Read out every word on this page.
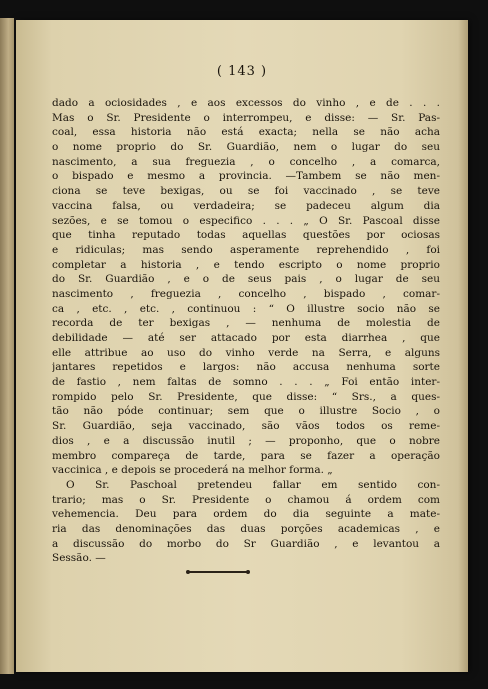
( 143 )
dado a ociosidades , e aos excessos do vinho , e de . . .
Mas o Sr. Presidente o interrompeu, e disse: — Sr. Pas-
coal, essa historia não está exacta; nella se não acha
o nome proprio do Sr. Guardião, nem o lugar do seu
nascimento, a sua freguezia , o concelho , a comarca,
o bispado e mesmo a provincia. —Tambem se não men-
ciona se teve bexigas, ou se foi vaccinado , se teve
vaccina falsa, ou verdadeira; se padeceu algum dia
sezões, e se tomou o especifico . . . „ O Sr. Pascoal disse
que tinha reputado todas aquellas questões por ociosas
e ridiculas; mas sendo asperamente reprehendido , foi
completar a historia , e tendo escripto o nome proprio
do Sr. Guardião , e o de seus pais , o lugar de seu
nascimento , freguezia , concelho , bispado , comar-
ca , etc. , etc. , continuou : “ O illustre socio não se
recorda de ter bexigas , — nenhuma de molestia de
debilidade — até ser attacado por esta diarrhea , que
elle attribue ao uso do vinho verde na Serra, e alguns
jantares repetidos e largos: não accusa nenhuma sorte
de fastio , nem faltas de somno . . . „ Foi então inter-
rompido pelo Sr. Presidente, que disse: “ Srs., a ques-
tão não póde continuar; sem que o illustre Socio , o
Sr. Guardião, seja vaccinado, são vãos todos os reme-
dios , e a discussão inutil ; — proponho, que o nobre
membro compareça de tarde, para se fazer a operação
vaccinica , e depois se procederá na melhor forma. „
O Sr. Paschoal pretendeu fallar em sentido con-
trario; mas o Sr. Presidente o chamou á ordem com
vehemencia. Deu para ordem do dia seguinte a mate-
ria das denominações das duas porções academicas , e
a discussão do morbo do Sr Guardião , e levantou a
Sessão. —
